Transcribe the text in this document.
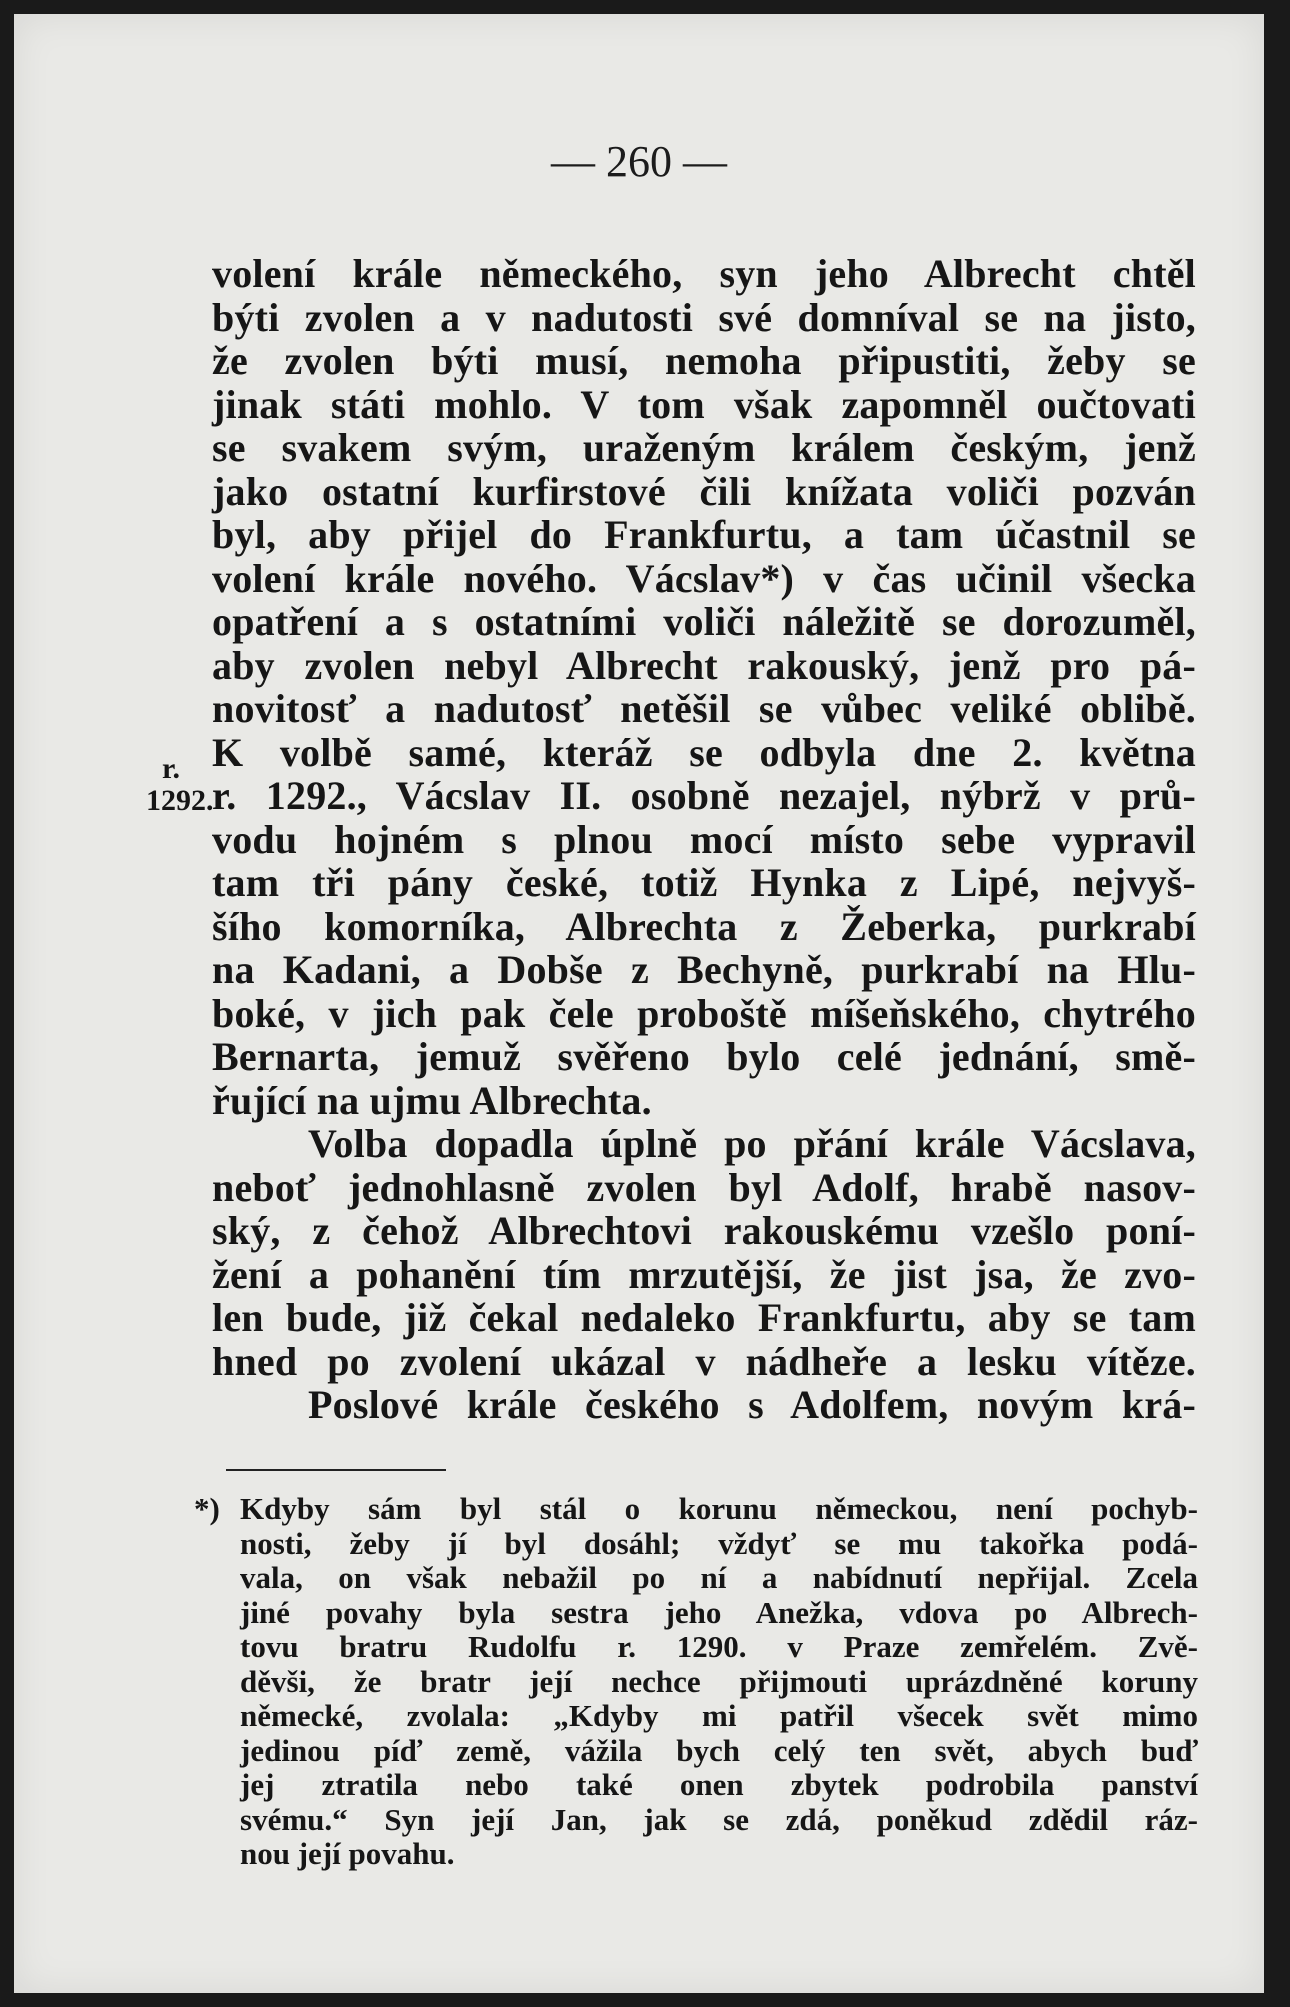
— 260 —
r.
1292.
volení krále německého, syn jeho Albrecht chtěl
býti zvolen a v nadutosti své domníval se na jisto,
že zvolen býti musí, nemoha připustiti, žeby se
jinak státi mohlo. V tom však zapomněl oučtovati
se svakem svým, uraženým králem českým, jenž
jako ostatní kurfirstové čili knížata voliči pozván
byl, aby přijel do Frankfurtu, a tam účastnil se
volení krále nového. Vácslav*) v čas učinil všecka
opatření a s ostatními voliči náležitě se dorozuměl,
aby zvolen nebyl Albrecht rakouský, jenž pro pá-
novitosť a nadutosť netěšil se vůbec veliké oblibě.
K volbě samé, kteráž se odbyla dne 2. května
r. 1292., Vácslav II. osobně nezajel, nýbrž v prů-
vodu hojném s plnou mocí místo sebe vypravil
tam tři pány české, totiž Hynka z Lipé, nejvyš-
šího komorníka, Albrechta z Žeberka, purkrabí
na Kadani, a Dobše z Bechyně, purkrabí na Hlu-
boké, v jich pak čele proboště míšeňského, chytrého
Bernarta, jemuž svěřeno bylo celé jednání, smě-
řující na ujmu Albrechta.
Volba dopadla úplně po přání krále Vácslava,
neboť jednohlasně zvolen byl Adolf, hrabě nasov-
ský, z čehož Albrechtovi rakouskému vzešlo poní-
žení a pohanění tím mrzutější, že jist jsa, že zvo-
len bude, již čekal nedaleko Frankfurtu, aby se tam
hned po zvolení ukázal v nádheře a lesku vítěze.
Poslové krále českého s Adolfem, novým krá-
*) Kdyby sám byl stál o korunu německou, není pochyb-
nosti, žeby jí byl dosáhl; vždyť se mu takořka podá-
vala, on však nebažil po ní a nabídnutí nepřijal. Zcela
jiné povahy byla sestra jeho Anežka, vdova po Albrech-
tovu bratru Rudolfu r. 1290. v Praze zemřelém. Zvě-
děvši, že bratr její nechce přijmouti uprázdněné koruny
německé, zvolala: „Kdyby mi patřil všecek svět mimo
jedinou píď země, vážila bych celý ten svět, abych buď
jej ztratila nebo také onen zbytek podrobila panství
svému.“ Syn její Jan, jak se zdá, poněkud zdědil ráz-
nou její povahu.
